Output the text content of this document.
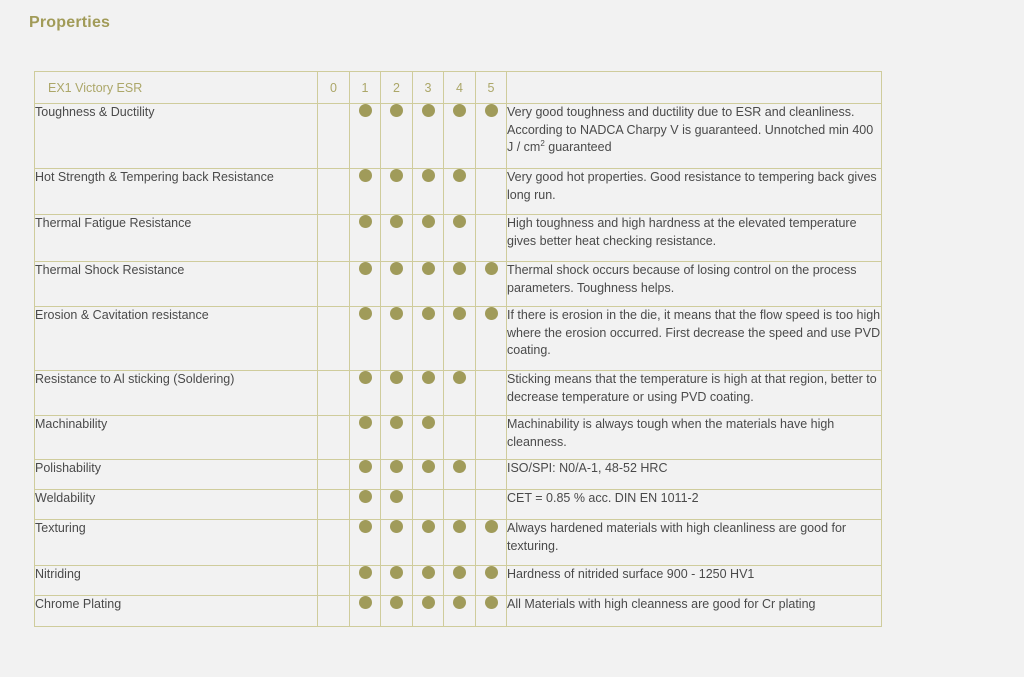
Properties
EX1 Victory ESR	0	1	2	3	4	5	
Toughness & Ductility							Very good toughness and ductility due to ESR and cleanliness. According to NADCA Charpy V is guaranteed. Unnotched min 400 J / $cm^2$ guaranteed
Hot Strength & Tempering back Resistance							Very good hot properties. Good resistance to tempering back gives long run.
Thermal Fatigue Resistance							High toughness and high hardness at the elevated temperature gives better heat checking resistance.
Thermal Shock Resistance							Thermal shock occurs because of losing control on the process parameters. Toughness helps.
Erosion & Cavitation resistance							If there is erosion in the die, it means that the flow speed is too high where the erosion occurred. First decrease the speed and use PVD coating.
Resistance to Al sticking (Soldering)							Sticking means that the temperature is high at that region, better to decrease temperature or using PVD coating.
Machinability							Machinability is always tough when the materials have high cleanness.
Polishability							ISO/SPI: N0/A-1, 48-52 HRC
Weldability							CET = 0.85 % acc. DIN EN 1011-2
Texturing							Always hardened materials with high cleanliness are good for texturing.
Nitriding							Hardness of nitrided surface 900 - 1250 HV1
Chrome Plating							All Materials with high cleanness are good for Cr plating
